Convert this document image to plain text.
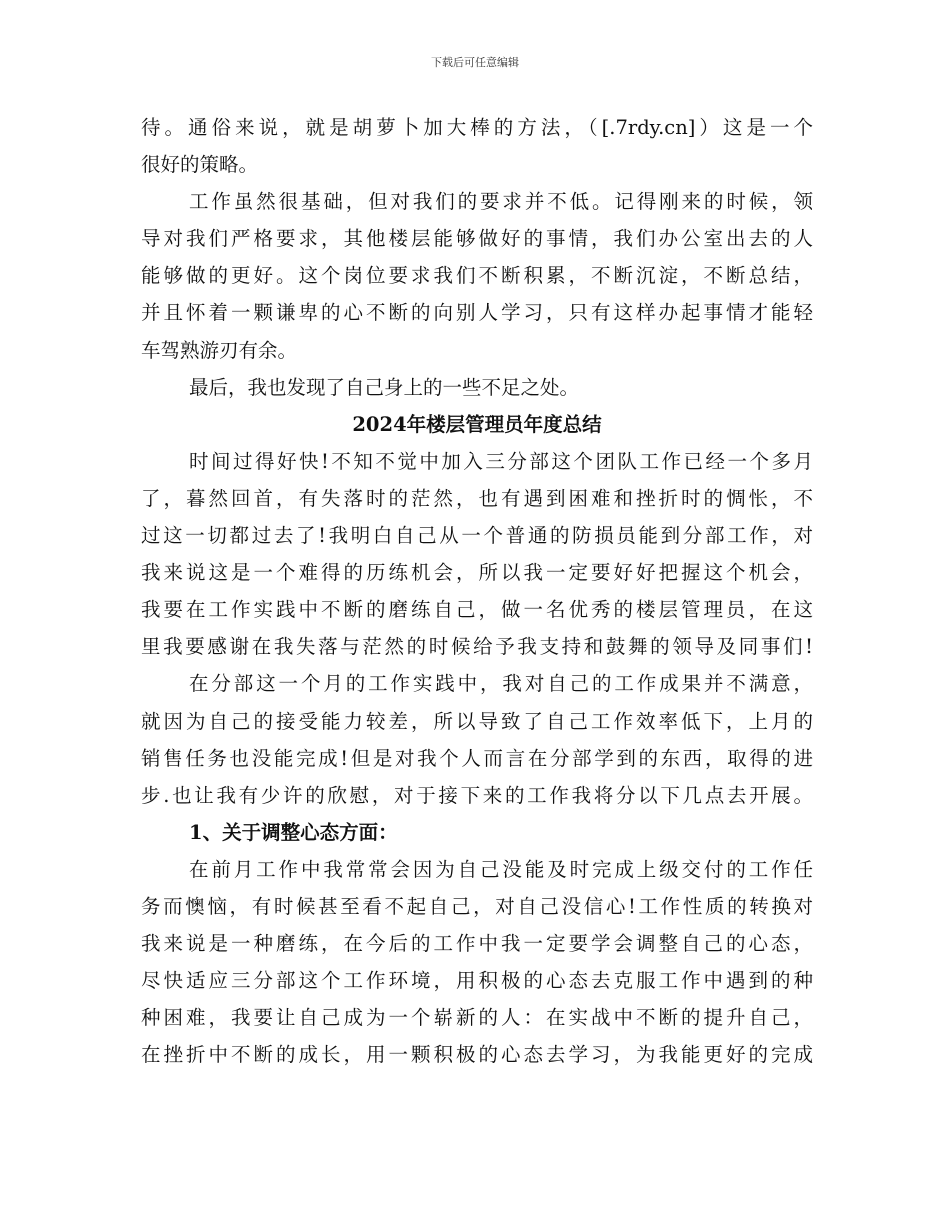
下载后可任意编辑
待。通俗来说，就是胡萝卜加大棒的方法，（[.7rdy.cn]）这是一个
很好的策略。
工作虽然很基础，但对我们的要求并不低。记得刚来的时候，领
导对我们严格要求，其他楼层能够做好的事情，我们办公室出去的人
能够做的更好。这个岗位要求我们不断积累，不断沉淀，不断总结，
并且怀着一颗谦卑的心不断的向别人学习，只有这样办起事情才能轻
车驾熟游刃有余。
最后，我也发现了自己身上的一些不足之处。
2024年楼层管理员年度总结
时间过得好快!不知不觉中加入三分部这个团队工作已经一个多月
了，暮然回首，有失落时的茫然，也有遇到困难和挫折时的惆怅，不
过这一切都过去了!我明白自己从一个普通的防损员能到分部工作，对
我来说这是一个难得的历练机会，所以我一定要好好把握这个机会，
我要在工作实践中不断的磨练自己，做一名优秀的楼层管理员，在这
里我要感谢在我失落与茫然的时候给予我支持和鼓舞的领导及同事们!
在分部这一个月的工作实践中，我对自己的工作成果并不满意，
就因为自己的接受能力较差，所以导致了自己工作效率低下，上月的
销售任务也没能完成!但是对我个人而言在分部学到的东西，取得的进
步.也让我有少许的欣慰，对于接下来的工作我将分以下几点去开展。
1、关于调整心态方面：
在前月工作中我常常会因为自己没能及时完成上级交付的工作任
务而懊恼，有时候甚至看不起自己，对自己没信心!工作性质的转换对
我来说是一种磨练，在今后的工作中我一定要学会调整自己的心态，
尽快适应三分部这个工作环境，用积极的心态去克服工作中遇到的种
种困难，我要让自己成为一个崭新的人：在实战中不断的提升自己，
在挫折中不断的成长，用一颗积极的心态去学习，为我能更好的完成
